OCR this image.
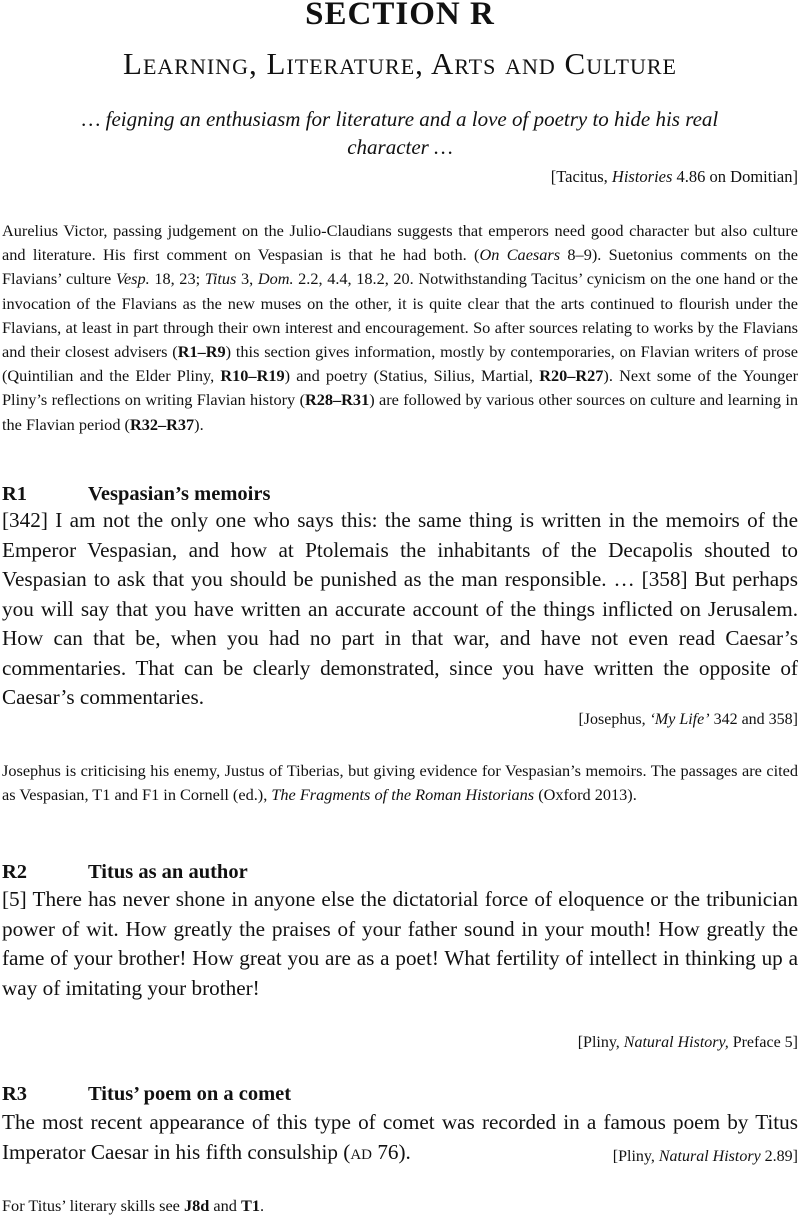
SECTION R
Learning, Literature, Arts and Culture
… feigning an enthusiasm for literature and a love of poetry to hide his real character …
[Tacitus, Histories 4.86 on Domitian]
Aurelius Victor, passing judgement on the Julio-Claudians suggests that emperors need good character but also culture and literature. His first comment on Vespasian is that he had both. (On Caesars 8–9). Suetonius comments on the Flavians’ culture Vesp. 18, 23; Titus 3, Dom. 2.2, 4.4, 18.2, 20. Notwithstanding Tacitus’ cynicism on the one hand or the invocation of the Flavians as the new muses on the other, it is quite clear that the arts continued to flourish under the Flavians, at least in part through their own interest and encouragement. So after sources relating to works by the Flavians and their closest advisers (R1–R9) this section gives information, mostly by contemporaries, on Flavian writers of prose (Quintilian and the Elder Pliny, R10–R19) and poetry (Statius, Silius, Martial, R20–R27). Next some of the Younger Pliny’s reflections on writing Flavian history (R28–R31) are followed by various other sources on culture and learning in the Flavian period (R32–R37).
R1	Vespasian’s memoirs
[342] I am not the only one who says this: the same thing is written in the memoirs of the Emperor Vespasian, and how at Ptolemais the inhabitants of the Decapolis shouted to Vespasian to ask that you should be punished as the man responsible. … [358] But perhaps you will say that you have written an accurate account of the things inflicted on Jerusalem. How can that be, when you had no part in that war, and have not even read Caesar’s commentaries. That can be clearly demonstrated, since you have written the opposite of Caesar’s commentaries.
[Josephus, ‘My Life’ 342 and 358]
Josephus is criticising his enemy, Justus of Tiberias, but giving evidence for Vespasian’s memoirs. The passages are cited as Vespasian, T1 and F1 in Cornell (ed.), The Fragments of the Roman Historians (Oxford 2013).
R2	Titus as an author
[5] There has never shone in anyone else the dictatorial force of eloquence or the tribunician power of wit. How greatly the praises of your father sound in your mouth! How greatly the fame of your brother! How great you are as a poet! What fertility of intellect in thinking up a way of imitating your brother!
[Pliny, Natural History, Preface 5]
R3	Titus’ poem on a comet
The most recent appearance of this type of comet was recorded in a famous poem by Titus Imperator Caesar in his fifth consulship (ad 76).	[Pliny, Natural History 2.89]
For Titus’ literary skills see J8d and T1.
